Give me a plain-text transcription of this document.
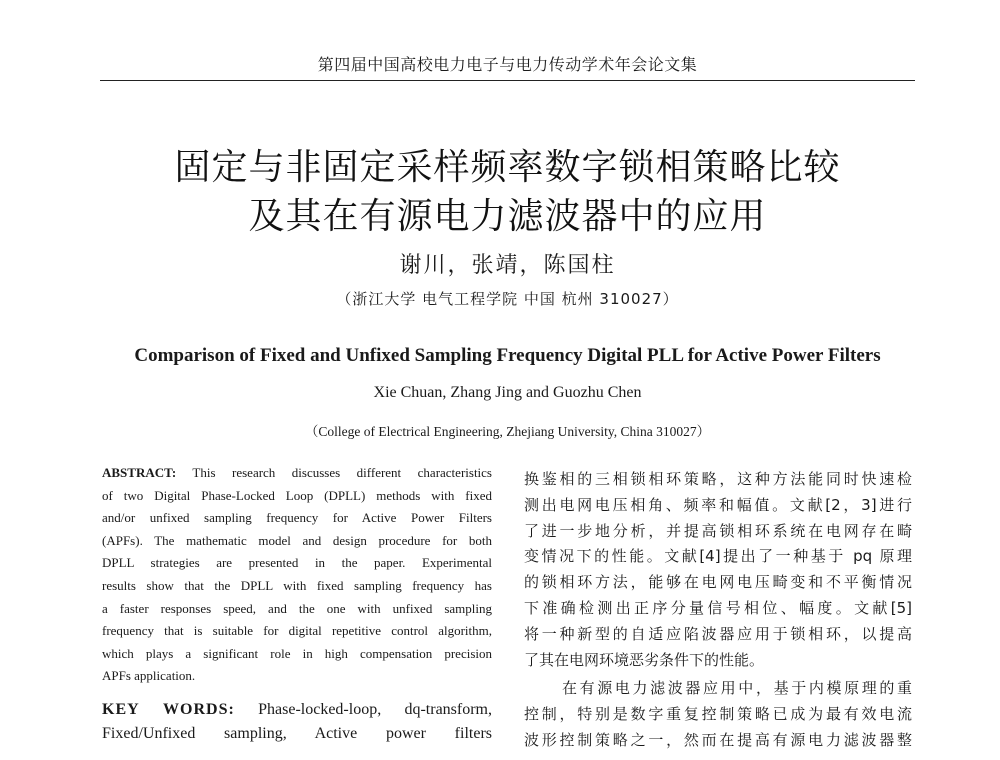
第四届中国高校电力电子与电力传动学术年会论文集
固定与非固定采样频率数字锁相策略比较
及其在有源电力滤波器中的应用
谢川，张靖，陈国柱
（浙江大学 电气工程学院 中国 杭州 310027）
Comparison of Fixed and Unfixed Sampling Frequency Digital PLL for Active Power Filters
Xie Chuan, Zhang Jing and Guozhu Chen
（College of Electrical Engineering, Zhejiang University, China 310027）
ABSTRACT: This research discusses different characteristics
of two Digital Phase-Locked Loop (DPLL) methods with fixed
and/or unfixed sampling frequency for Active Power Filters
(APFs). The mathematic model and design procedure for both
DPLL strategies are presented in the paper. Experimental
results show that the DPLL with fixed sampling frequency has
a faster responses speed, and the one with unfixed sampling
frequency that is suitable for digital repetitive control algorithm,
which plays a significant role in high compensation precision
APFs application.
KEY WORDS: Phase-locked-loop, dq-transform,
Fixed/Unfixed sampling, Active power filters
换鉴相的三相锁相环策略，这种方法能同时快速检
测出电网电压相角、频率和幅值。文献[2，3]进行
了进一步地分析，并提高锁相环系统在电网存在畸
变情况下的性能。文献[4]提出了一种基于 pq 原理
的锁相环方法，能够在电网电压畸变和不平衡情况
下准确检测出正序分量信号相位、幅度。文献[5]
将一种新型的自适应陷波器应用于锁相环，以提高
了其在电网环境恶劣条件下的性能。
在有源电力滤波器应用中，基于内模原理的重
控制，特别是数字重复控制策略已成为最有效电流
波形控制策略之一，然而在提高有源电力滤波器整
